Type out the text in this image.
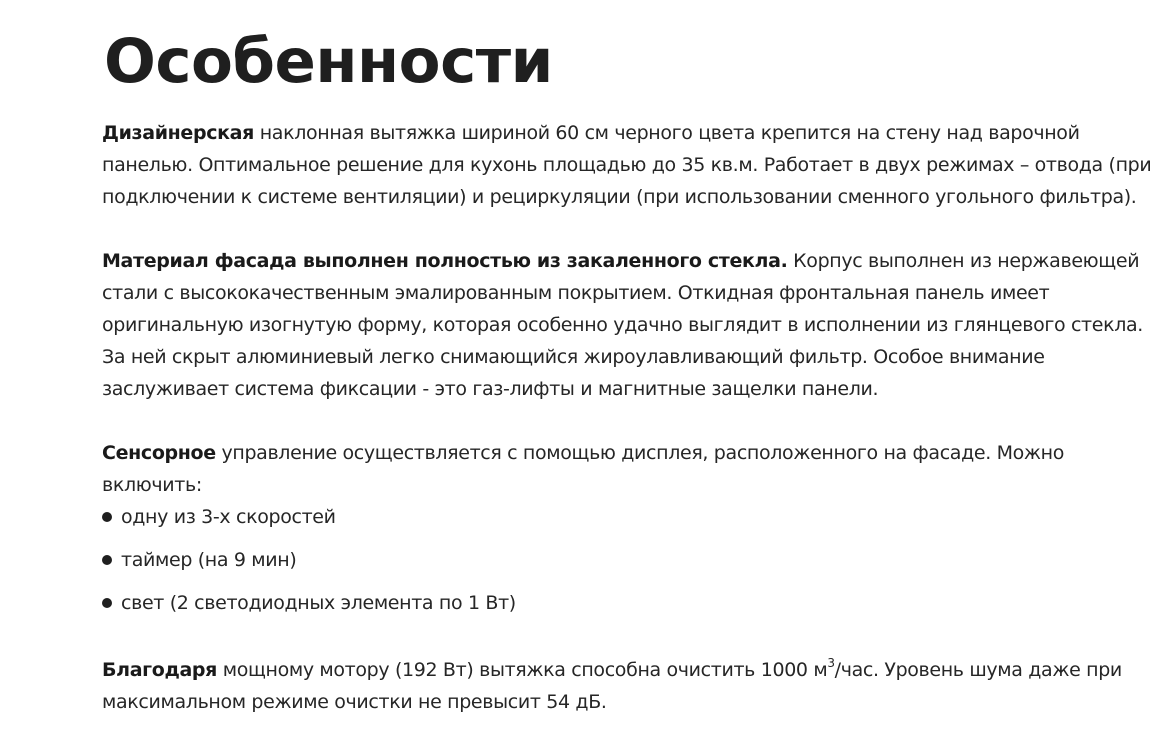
Особенности

Дизайнерская наклонная вытяжка шириной 60 см черного цвета крепится на стену над варочной панелью. Оптимальное решение для кухонь площадью до 35 кв.м. Работает в двух режимах – отвода (при подключении к системе вентиляции) и рециркуляции (при использовании сменного угольного фильтра).

Материал фасада выполнен полностью из закаленного стекла. Корпус выполнен из нержавеющей стали с высококачественным эмалированным покрытием. Откидная фронтальная панель имеет оригинальную изогнутую форму, которая особенно удачно выглядит в исполнении из глянцевого стекла. За ней скрыт алюминиевый легко снимающийся жироулавливающий фильтр. Особое внимание заслуживает система фиксации - это газ-лифты и магнитные защелки панели.

Сенсорное управление осуществляется с помощью дисплея, расположенного на фасаде. Можно включить:

одну из 3-х скоростей
таймер (на 9 мин)
свет (2 светодиодных элемента по 1 Вт)

Благодаря мощному мотору (192 Вт) вытяжка способна очистить 1000 $м^3$/час. Уровень шума даже при максимальном режиме очистки не превысит 54 дБ.
